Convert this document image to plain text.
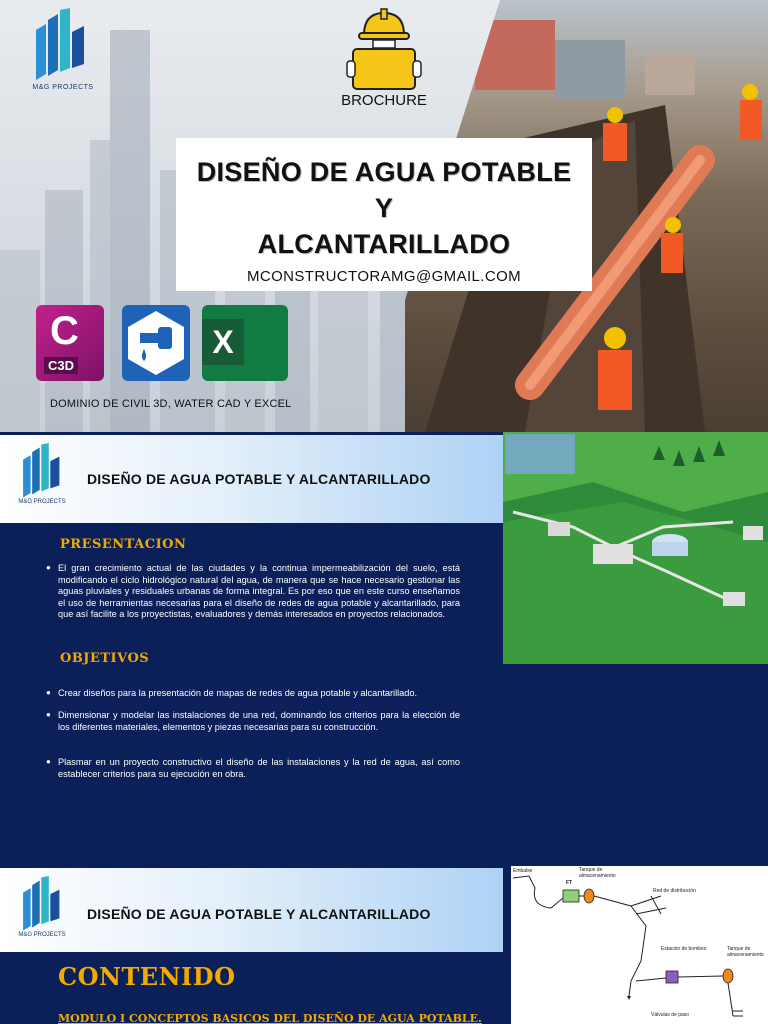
M&G PROJECTS
BROCHURE
DISEÑO DE AGUA POTABLE
Y
ALCANTARILLADO
MCONSTRUCTORAMG@GMAIL.COM
C
C3D
X
DOMINIO DE CIVIL 3D, WATER CAD Y EXCEL
M&G PROJECTS
DISEÑO DE AGUA POTABLE Y ALCANTARILLADO
PRESENTACION
● El gran crecimiento actual de las ciudades y la continua impermeabilización del suelo, está modificando el ciclo hidrológico natural del agua, de manera que se hace necesario gestionar las aguas pluviales y residuales urbanas de forma integral. Es por eso que en este curso enseñamos el uso de herramientas necesarias para el diseño de redes de agua potable y alcantarillado, para que así facilite a los proyectistas, evaluadores y demás interesados en proyectos relacionados.

OBJETIVOS
● Crear diseños para la presentación de mapas de redes de agua potable y alcantarillado.

● Dimensionar y modelar las instalaciones de una red, dominando los criterios para la elección de los diferentes materiales, elementos y piezas necesarias para su construcción.

● Plasmar en un proyecto constructivo el diseño de las instalaciones y la red de agua, así como establecer criterios para su ejecución en obra.

M&G PROJECTS
DISEÑO DE AGUA POTABLE Y ALCANTARILLADO
CONTENIDO
MODULO I CONCEPTOS BASICOS DEL DISEÑO DE AGUA POTABLE.
Embalse	Tanque de almacenamiento
FT
Red de distribución
Estación de bombeo	Tanque de almacenamiento
Válvulas de paso
